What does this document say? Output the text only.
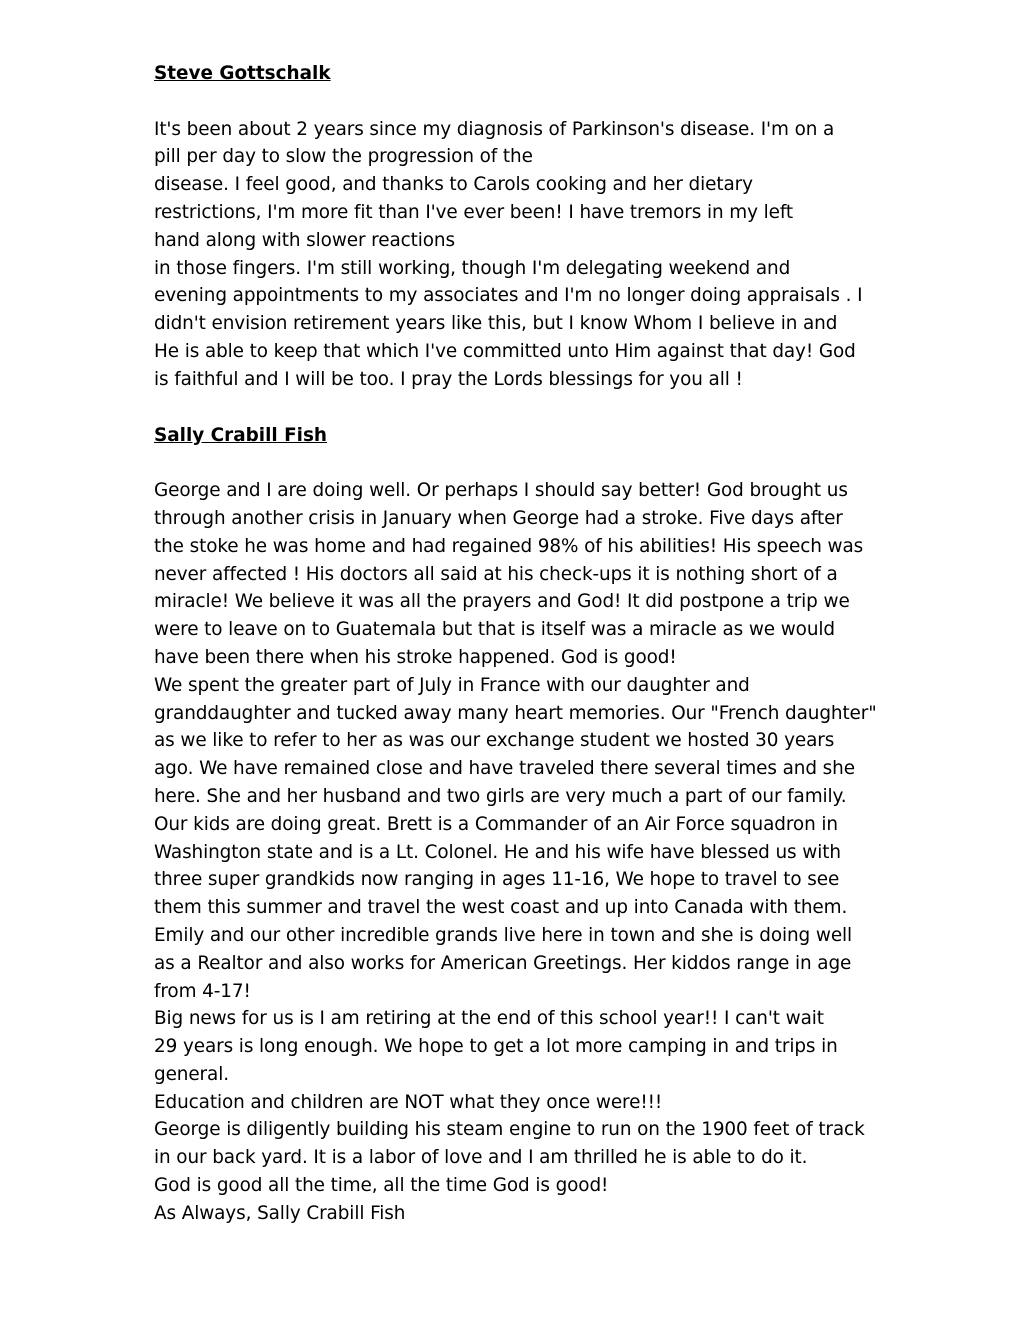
Steve Gottschalk
It's been about 2 years since my diagnosis of Parkinson's disease. I'm on a
pill per day to slow the progression of the
disease. I feel good, and thanks to Carols cooking and her dietary
restrictions, I'm more fit than I've ever been! I have tremors in my left
hand along with slower reactions
in those fingers. I'm still working, though I'm delegating weekend and
evening appointments to my associates and I'm no longer doing appraisals . I
didn't envision retirement years like this, but I know Whom I believe in and
He is able to keep that which I've committed unto Him against that day! God
is faithful and I will be too. I pray the Lords blessings for you all !
Sally Crabill Fish
George and I are doing well. Or perhaps I should say better! God brought us
through another crisis in January when George had a stroke. Five days after
the stoke he was home and had regained 98% of his abilities! His speech was
never affected ! His doctors all said at his check-ups it is nothing short of a
miracle! We believe it was all the prayers and God! It did postpone a trip we
were to leave on to Guatemala but that is itself was a miracle as we would
have been there when his stroke happened. God is good!
We spent the greater part of July in France with our daughter and
granddaughter and tucked away many heart memories. Our "French daughter"
as we like to refer to her as was our exchange student we hosted 30 years
ago. We have remained close and have traveled there several times and she
here. She and her husband and two girls are very much a part of our family.
Our kids are doing great. Brett is a Commander of an Air Force squadron in
Washington state and is a Lt. Colonel. He and his wife have blessed us with
three super grandkids now ranging in ages 11-16, We hope to travel to see
them this summer and travel the west coast and up into Canada with them.
Emily and our other incredible grands live here in town and she is doing well
as a Realtor and also works for American Greetings. Her kiddos range in age
from 4-17!
Big news for us is I am retiring at the end of this school year!! I can't wait
29 years is long enough. We hope to get a lot more camping in and trips in
general.
Education and children are NOT what they once were!!!
George is diligently building his steam engine to run on the 1900 feet of track
in our back yard. It is a labor of love and I am thrilled he is able to do it.
God is good all the time, all the time God is good!
As Always, Sally Crabill Fish
